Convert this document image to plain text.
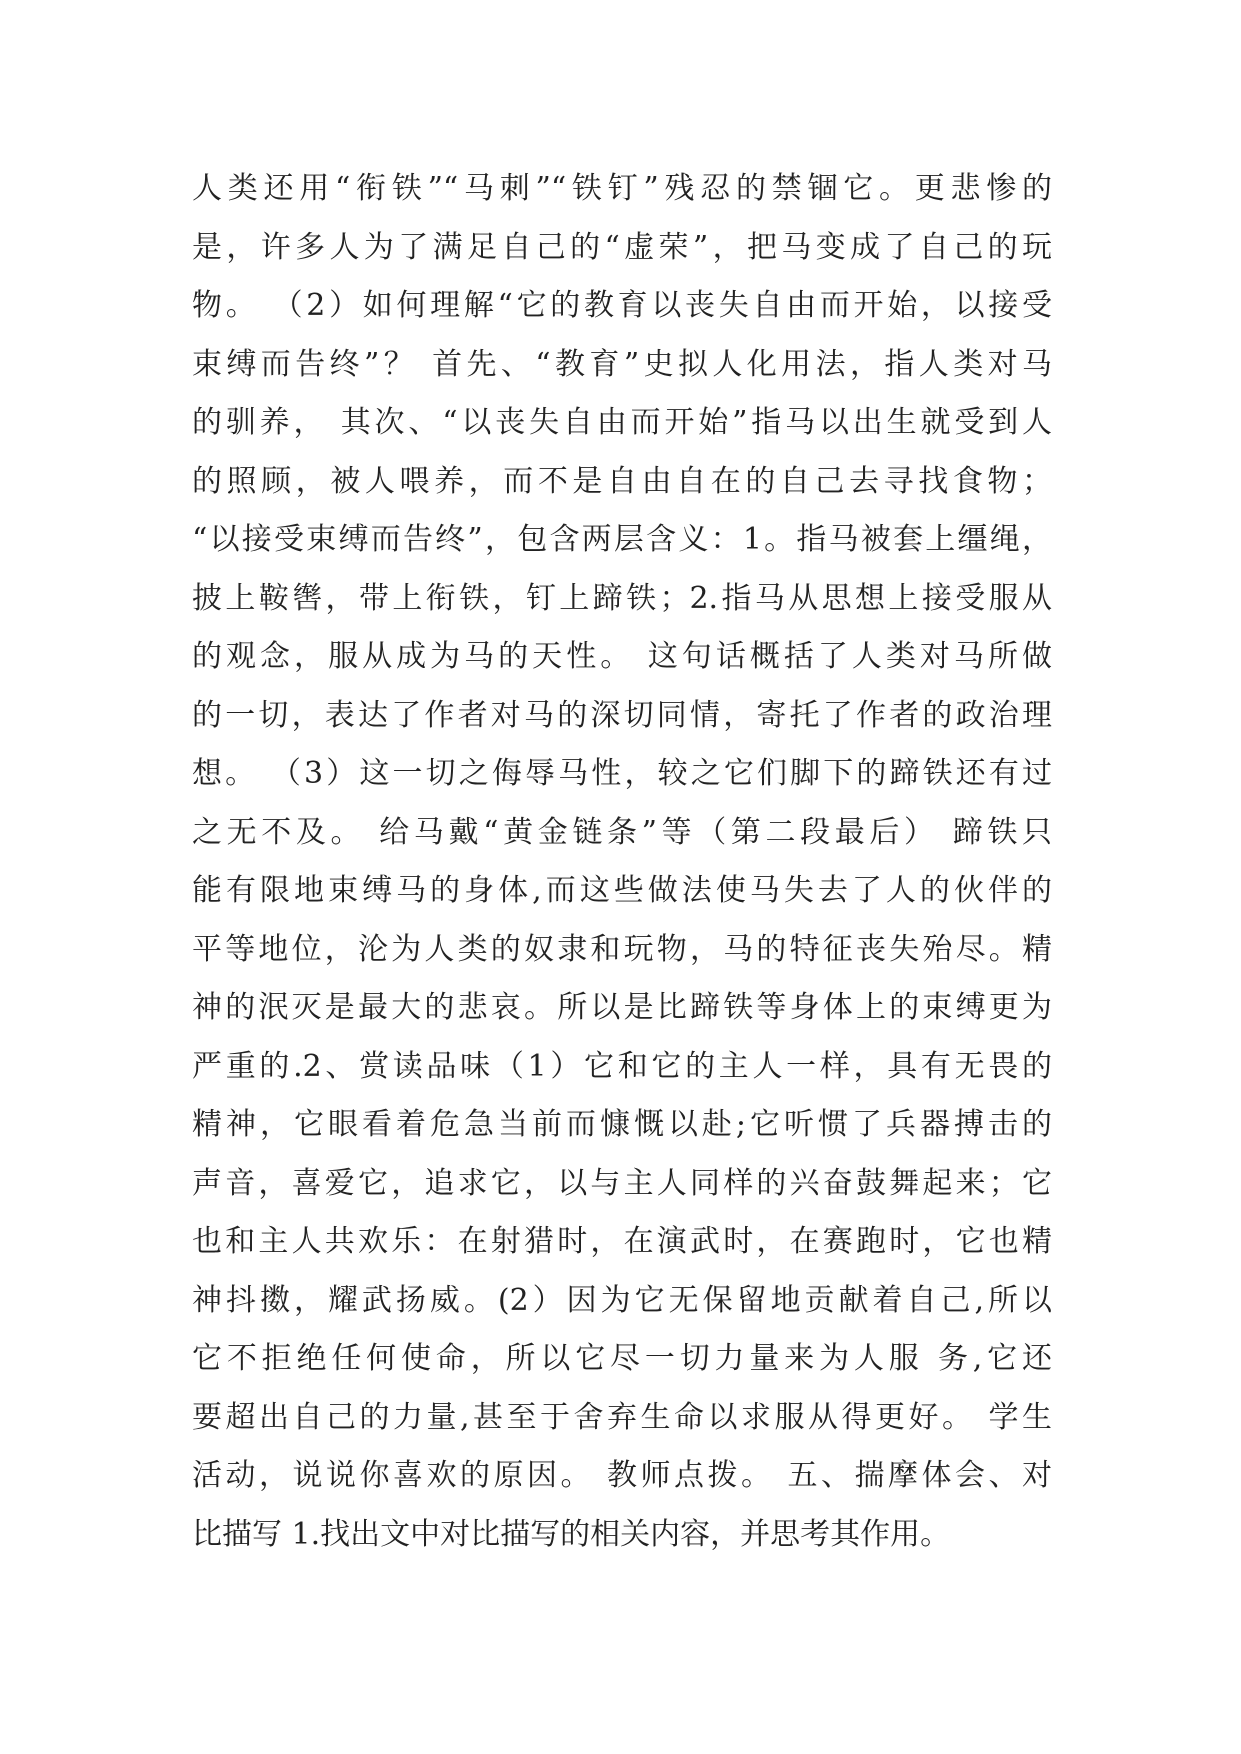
人类还用“衔铁”“马刺”“铁钉”残忍的禁锢它。更悲惨的
是，许多人为了满足自己的“虚荣”，把马变成了自己的玩
物。 （2）如何理解“它的教育以丧失自由而开始，以接受
束缚而告终”？ 首先、“教育”史拟人化用法，指人类对马
的驯养， 其次、“以丧失自由而开始”指马以出生就受到人
的照顾，被人喂养，而不是自由自在的自己去寻找食物；
“以接受束缚而告终”，包含两层含义：1。指马被套上缰绳，
披上鞍辔，带上衔铁，钉上蹄铁；2.指马从思想上接受服从
的观念，服从成为马的天性。 这句话概括了人类对马所做
的一切，表达了作者对马的深切同情，寄托了作者的政治理
想。 （3）这一切之侮辱马性，较之它们脚下的蹄铁还有过
之无不及。 给马戴“黄金链条”等（第二段最后） 蹄铁只
能有限地束缚马的身体,而这些做法使马失去了人的伙伴的
平等地位，沦为人类的奴隶和玩物，马的特征丧失殆尽。精
神的泯灭是最大的悲哀。所以是比蹄铁等身体上的束缚更为
严重的.2、赏读品味（1）它和它的主人一样，具有无畏的
精神，它眼看着危急当前而慷慨以赴;它听惯了兵器搏击的
声音，喜爱它，追求它，以与主人同样的兴奋鼓舞起来；它
也和主人共欢乐：在射猎时，在演武时，在赛跑时，它也精
神抖擞，耀武扬威。(2）因为它无保留地贡献着自己,所以
它不拒绝任何使命，所以它尽一切力量来为人服 务,它还
要超出自己的力量,甚至于舍弃生命以求服从得更好。 学生
活动，说说你喜欢的原因。 教师点拨。 五、揣摩体会、对
比描写 1.找出文中对比描写的相关内容，并思考其作用。
